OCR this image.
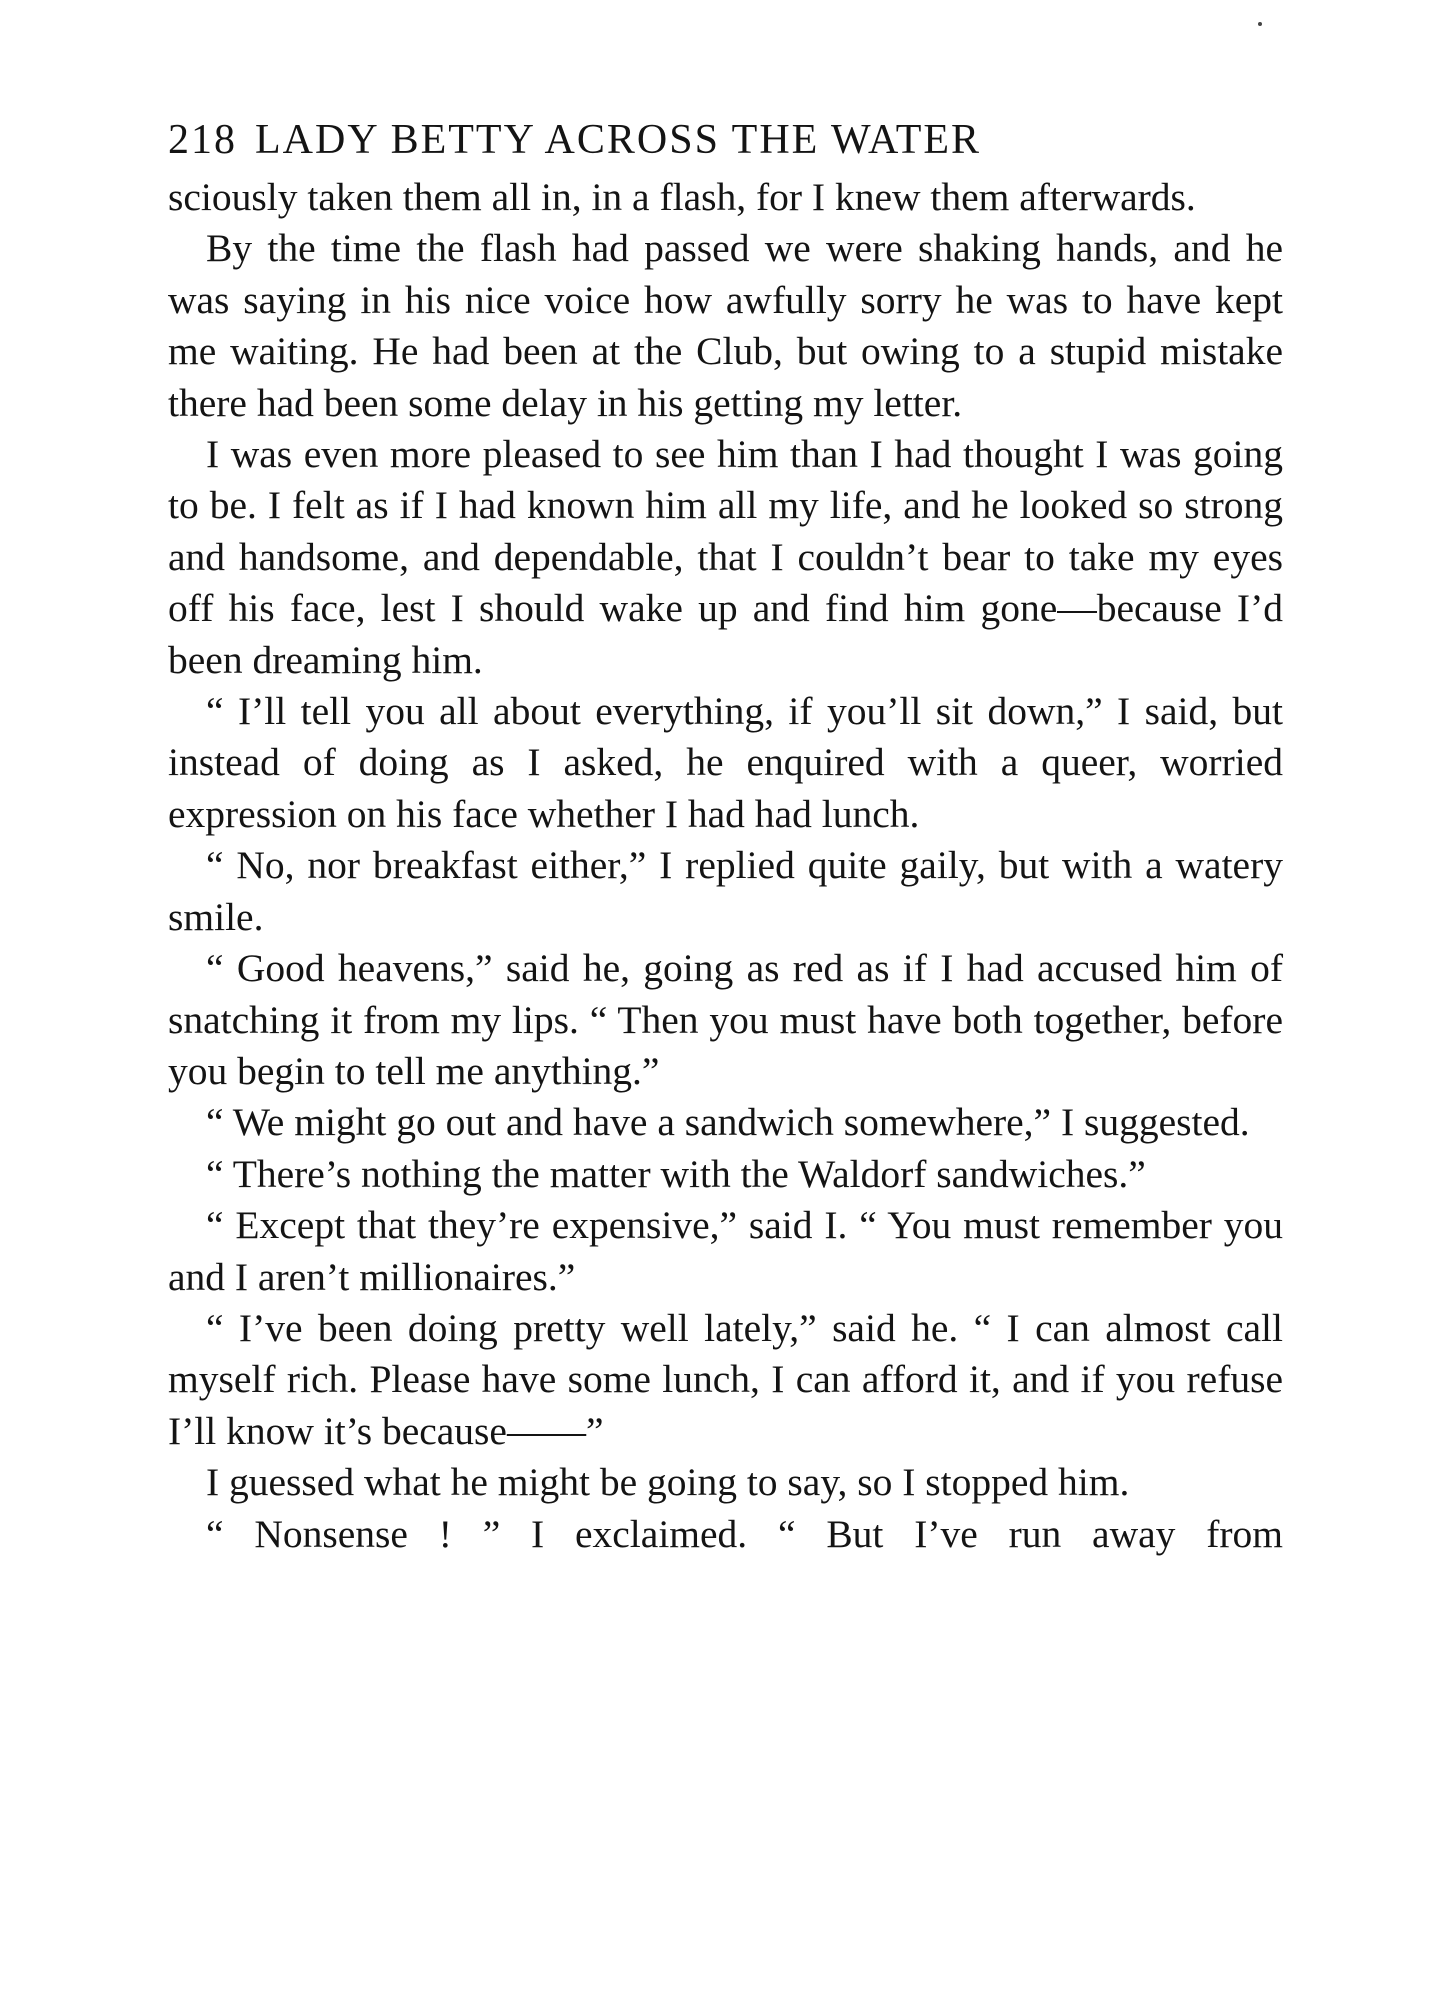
218 LADY BETTY ACROSS THE WATER

sciously taken them all in, in a flash, for I knew them afterwards.

By the time the flash had passed we were shaking hands, and he was saying in his nice voice how awfully sorry he was to have kept me waiting. He had been at the Club, but owing to a stupid mistake there had been some delay in his getting my letter.

I was even more pleased to see him than I had thought I was going to be. I felt as if I had known him all my life, and he looked so strong and handsome, and dependable, that I couldn’t bear to take my eyes off his face, lest I should wake up and find him gone—because I’d been dreaming him.

“ I’ll tell you all about everything, if you’ll sit down,” I said, but instead of doing as I asked, he enquired with a queer, worried expression on his face whether I had had lunch.

“ No, nor breakfast either,” I replied quite gaily, but with a watery smile.

“ Good heavens,” said he, going as red as if I had accused him of snatching it from my lips. “ Then you must have both together, before you begin to tell me anything.”

“ We might go out and have a sandwich somewhere,” I suggested.

“ There’s nothing the matter with the Waldorf sandwiches.”

“ Except that they’re expensive,” said I. “ You must remember you and I aren’t millionaires.”

“ I’ve been doing pretty well lately,” said he. “ I can almost call myself rich. Please have some lunch, I can afford it, and if you refuse I’ll know it’s because——”

I guessed what he might be going to say, so I stopped him.

“ Nonsense ! ” I exclaimed. “ But I’ve run away from
